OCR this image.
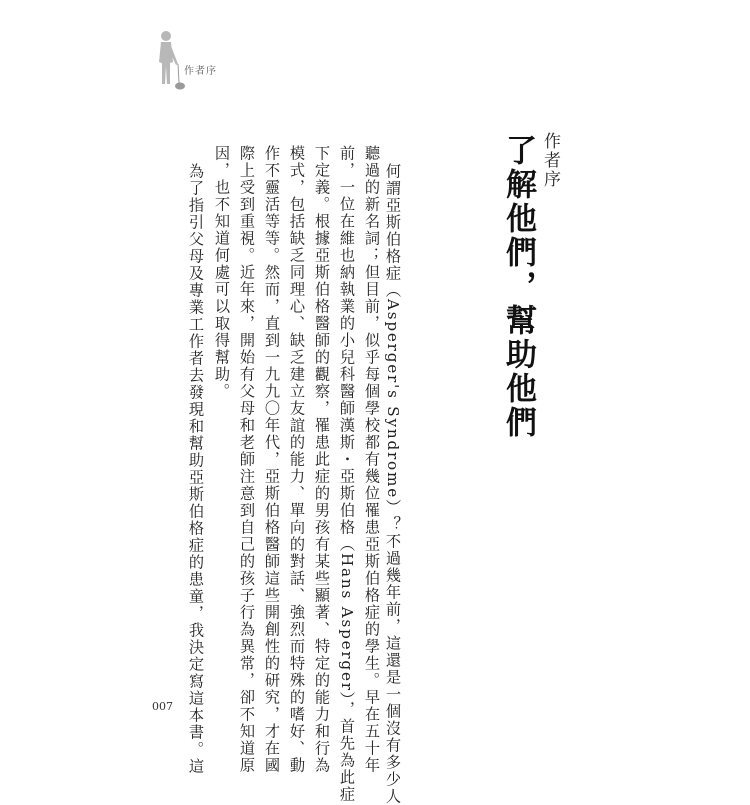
作者序
作者序
了解他們，幫助他們
何謂亞斯伯格症（Asperger's Syndrome）？不過幾年前，這還是一個沒有多少人
聽過的新名詞；但目前，似乎每個學校都有幾位罹患亞斯伯格症的學生。早在五十年
前，一位在維也納執業的小兒科醫師漢斯・亞斯伯格（Hans Asperger），首先為此症
下定義。根據亞斯伯格醫師的觀察，罹患此症的男孩有某些顯著、特定的能力和行為
模式，包括缺乏同理心、缺乏建立友誼的能力、單向的對話、強烈而特殊的嗜好、動
作不靈活等等。然而，直到一九九〇年代，亞斯伯格醫師這些開創性的研究，才在國
際上受到重視。近年來，開始有父母和老師注意到自己的孩子行為異常，卻不知道原
因，也不知道何處可以取得幫助。
為了指引父母及專業工作者去發現和幫助亞斯伯格症的患童，我決定寫這本書。這
007
